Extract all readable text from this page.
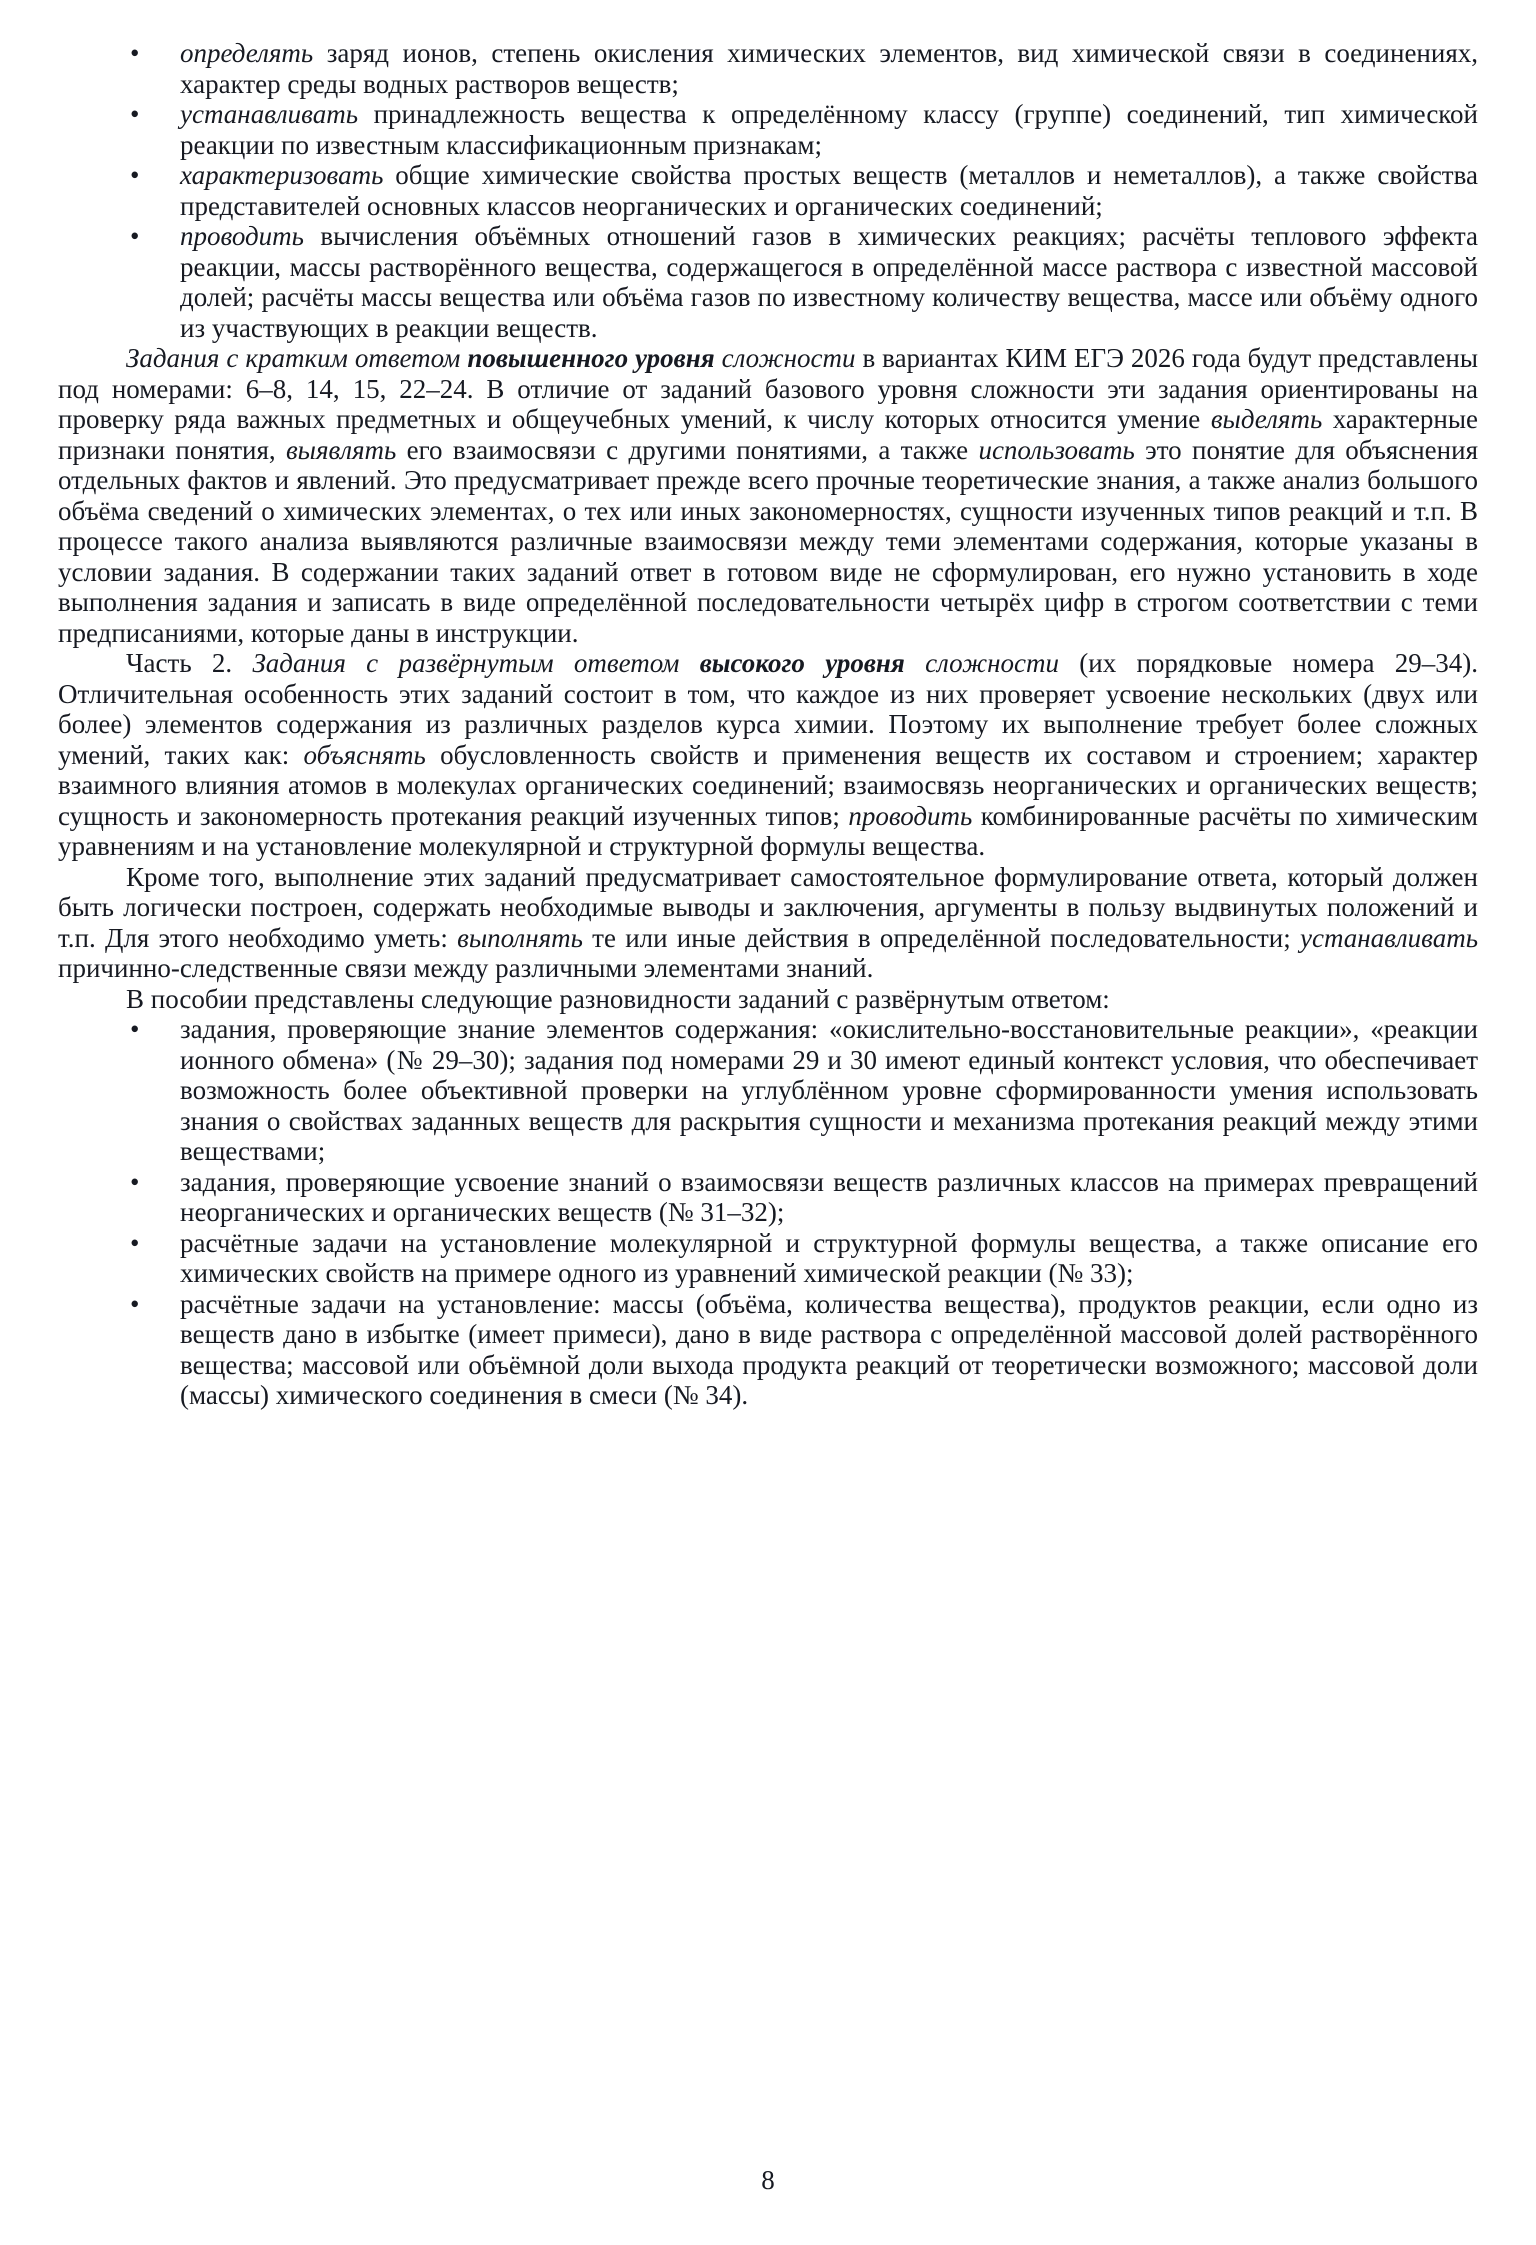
• определять заряд ионов, степень окисления химических элементов, вид химической связи в соединениях, характер среды водных растворов веществ;
• устанавливать принадлежность вещества к определённому классу (группе) соединений, тип химической реакции по известным классификационным признакам;
• характеризовать общие химические свойства простых веществ (металлов и неметаллов), а также свойства представителей основных классов неорганических и органических соединений;
• проводить вычисления объёмных отношений газов в химических реакциях; расчёты теплового эффекта реакции, массы растворённого вещества, содержащегося в определённой массе раствора с известной массовой долей; расчёты массы вещества или объёма газов по известному количеству вещества, массе или объёму одного из участвующих в реакции веществ.
Задания с кратким ответом повышенного уровня сложности в вариантах КИМ ЕГЭ 2026 года будут представлены под номерами: 6–8, 14, 15, 22–24. В отличие от заданий базового уровня сложности эти задания ориентированы на проверку ряда важных предметных и общеучебных умений, к числу которых относится умение выделять характерные признаки понятия, выявлять его взаимосвязи с другими понятиями, а также использовать это понятие для объяснения отдельных фактов и явлений. Это предусматривает прежде всего прочные теоретические знания, а также анализ большого объёма сведений о химических элементах, о тех или иных закономерностях, сущности изученных типов реакций и т.п. В процессе такого анализа выявляются различные взаимосвязи между теми элементами содержания, которые указаны в условии задания. В содержании таких заданий ответ в готовом виде не сформулирован, его нужно установить в ходе выполнения задания и записать в виде определённой последовательности четырёх цифр в строгом соответствии с теми предписаниями, которые даны в инструкции.
Часть 2. Задания с развёрнутым ответом высокого уровня сложности (их порядковые номера 29–34). Отличительная особенность этих заданий состоит в том, что каждое из них проверяет усвоение нескольких (двух или более) элементов содержания из различных разделов курса химии. Поэтому их выполнение требует более сложных умений, таких как: объяснять обусловленность свойств и применения веществ их составом и строением; характер взаимного влияния атомов в молекулах органических соединений; взаимосвязь неорганических и органических веществ; сущность и закономерность протекания реакций изученных типов; проводить комбинированные расчёты по химическим уравнениям и на установление молекулярной и структурной формулы вещества.
Кроме того, выполнение этих заданий предусматривает самостоятельное формулирование ответа, который должен быть логически построен, содержать необходимые выводы и заключения, аргументы в пользу выдвинутых положений и т.п. Для этого необходимо уметь: выполнять те или иные действия в определённой последовательности; устанавливать причинно-следственные связи между различными элементами знаний.
В пособии представлены следующие разновидности заданий с развёрнутым ответом:
• задания, проверяющие знание элементов содержания: «окислительно-восстановительные реакции», «реакции ионного обмена» (№ 29–30); задания под номерами 29 и 30 имеют единый контекст условия, что обеспечивает возможность более объективной проверки на углублённом уровне сформированности умения использовать знания о свойствах заданных веществ для раскрытия сущности и механизма протекания реакций между этими веществами;
• задания, проверяющие усвоение знаний о взаимосвязи веществ различных классов на примерах превращений неорганических и органических веществ (№ 31–32);
• расчётные задачи на установление молекулярной и структурной формулы вещества, а также описание его химических свойств на примере одного из уравнений химической реакции (№ 33);
• расчётные задачи на установление: массы (объёма, количества вещества), продуктов реакции, если одно из веществ дано в избытке (имеет примеси), дано в виде раствора с определённой массовой долей растворённого вещества; массовой или объёмной доли выхода продукта реакций от теоретически возможного; массовой доли (массы) химического соединения в смеси (№ 34).
8
